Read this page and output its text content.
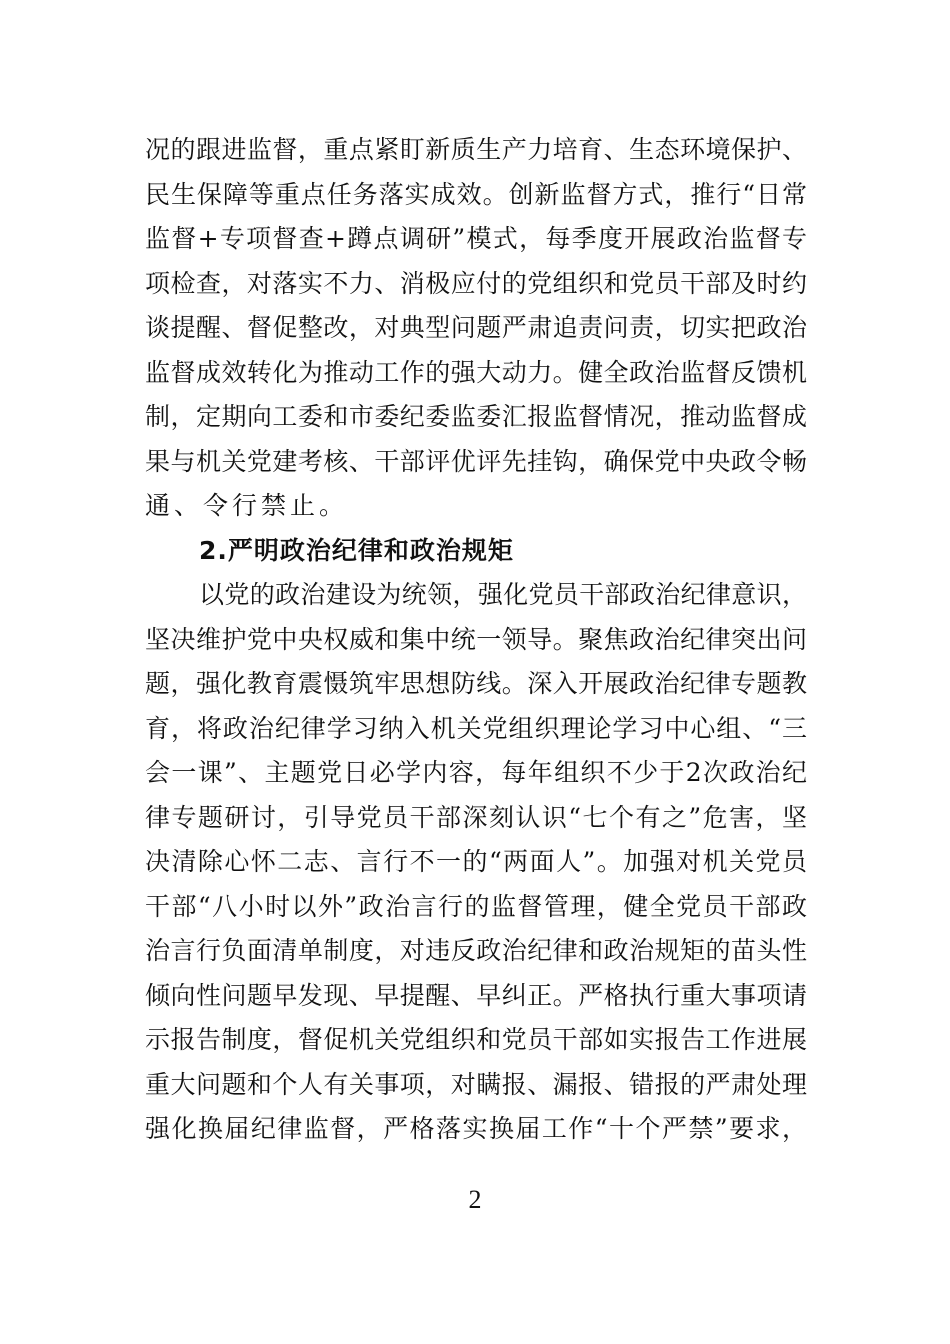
况的跟进监督，重点紧盯新质生产力培育、生态环境保护、
民生保障等重点任务落实成效。创新监督方式，推行“日常
监督+专项督查+蹲点调研”模式，每季度开展政治监督专
项检查，对落实不力、消极应付的党组织和党员干部及时约
谈提醒、督促整改，对典型问题严肃追责问责，切实把政治
监督成效转化为推动工作的强大动力。健全政治监督反馈机
制，定期向工委和市委纪委监委汇报监督情况，推动监督成
果与机关党建考核、干部评优评先挂钩，确保党中央政令畅
通、令行禁止。
2.严明政治纪律和政治规矩
以党的政治建设为统领，强化党员干部政治纪律意识，
坚决维护党中央权威和集中统一领导。聚焦政治纪律突出问
题，强化教育震慑筑牢思想防线。深入开展政治纪律专题教
育，将政治纪律学习纳入机关党组织理论学习中心组、“三
会一课”、主题党日必学内容，每年组织不少于2次政治纪
律专题研讨，引导党员干部深刻认识“七个有之”危害，坚
决清除心怀二志、言行不一的“两面人”。加强对机关党员
干部“八小时以外”政治言行的监督管理，健全党员干部政
治言行负面清单制度，对违反政治纪律和政治规矩的苗头性
倾向性问题早发现、早提醒、早纠正。严格执行重大事项请
示报告制度，督促机关党组织和党员干部如实报告工作进展
重大问题和个人有关事项，对瞒报、漏报、错报的严肃处理
强化换届纪律监督，严格落实换届工作“十个严禁”要求，
2
